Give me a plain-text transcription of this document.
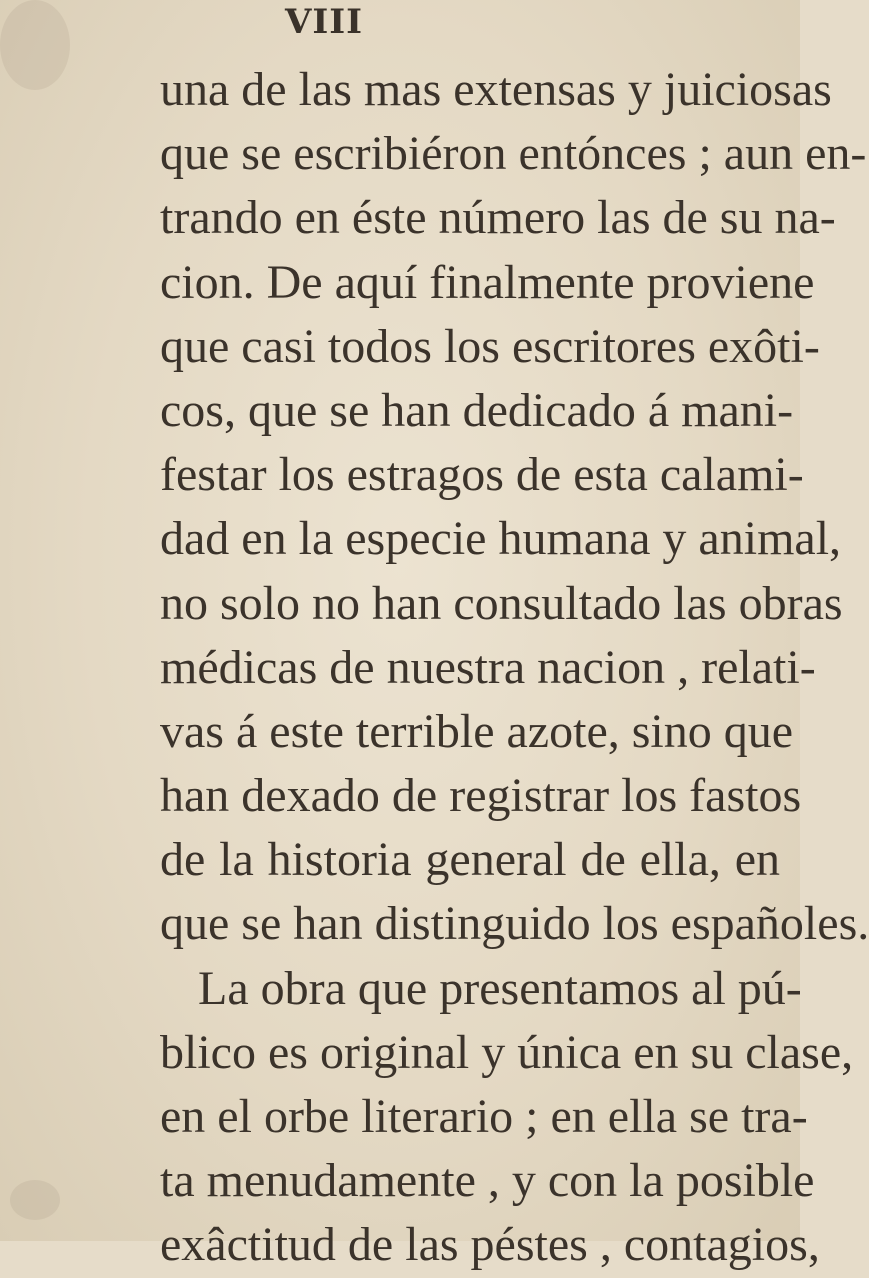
VIII
una de las mas extensas y juiciosas
que se escribiéron entónces ; aun en-
trando en éste número las de su na-
cion. De aquí finalmente proviene
que casi todos los escritores exôti-
cos, que se han dedicado á mani-
festar los estragos de esta calami-
dad en la especie humana y animal,
no solo no han consultado las obras
médicas de nuestra nacion , relati-
vas á este terrible azote, sino que
han dexado de registrar los fastos
de la historia general de ella, en
que se han distinguido los españoles.
La obra que presentamos al pú-
blico es original y única en su clase,
en el orbe literario ; en ella se tra-
ta menudamente , y con la posible
exâctitud de las péstes , contagios,
